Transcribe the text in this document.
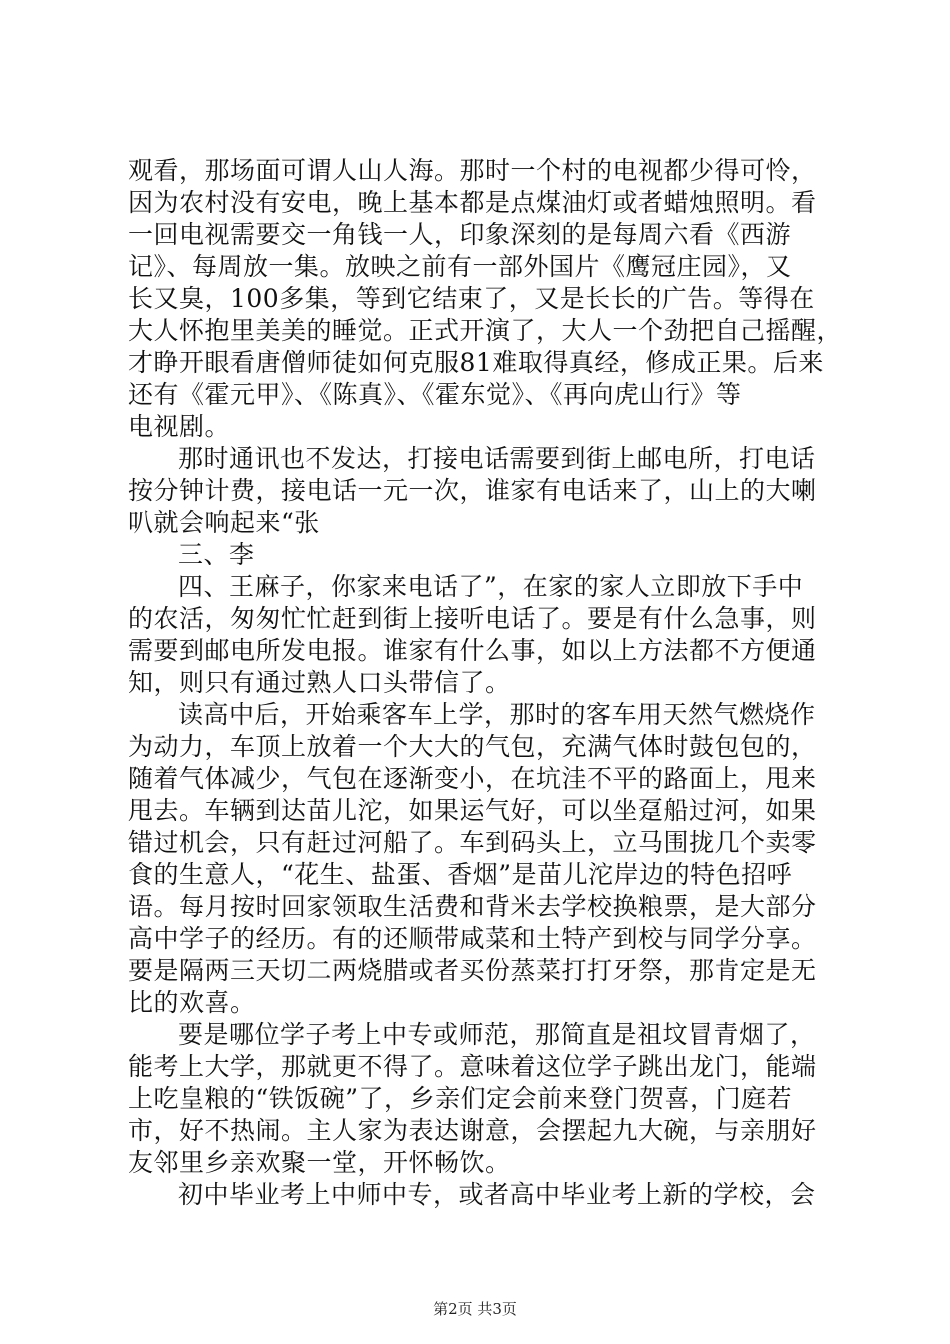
观看，那场面可谓人山人海。那时一个村的电视都少得可怜，
因为农村没有安电，晚上基本都是点煤油灯或者蜡烛照明。看
一回电视需要交一角钱一人，印象深刻的是每周六看《西游
记》、每周放一集。放映之前有一部外国片《鹰冠庄园》，又
长又臭，100多集，等到它结束了，又是长长的广告。等得在
大人怀抱里美美的睡觉。正式开演了，大人一个劲把自己摇醒，
才睁开眼看唐僧师徒如何克服81难取得真经，修成正果。后来
还有《霍元甲》、《陈真》、《霍东觉》、《再向虎山行》等
电视剧。
那时通讯也不发达，打接电话需要到街上邮电所，打电话
按分钟计费，接电话一元一次，谁家有电话来了，山上的大喇
叭就会响起来“张
三、李
四、王麻子，你家来电话了”，在家的家人立即放下手中
的农活，匆匆忙忙赶到街上接听电话了。要是有什么急事，则
需要到邮电所发电报。谁家有什么事，如以上方法都不方便通
知，则只有通过熟人口头带信了。
读高中后，开始乘客车上学，那时的客车用天然气燃烧作
为动力，车顶上放着一个大大的气包，充满气体时鼓包包的，
随着气体减少，气包在逐渐变小，在坑洼不平的路面上，甩来
甩去。车辆到达苗儿沱，如果运气好，可以坐趸船过河，如果
错过机会，只有赶过河船了。车到码头上，立马围拢几个卖零
食的生意人，“花生、盐蛋、香烟”是苗儿沱岸边的特色招呼
语。每月按时回家领取生活费和背米去学校换粮票，是大部分
高中学子的经历。有的还顺带咸菜和土特产到校与同学分享。
要是隔两三天切二两烧腊或者买份蒸菜打打牙祭，那肯定是无
比的欢喜。
要是哪位学子考上中专或师范，那简直是祖坟冒青烟了，
能考上大学，那就更不得了。意味着这位学子跳出龙门，能端
上吃皇粮的“铁饭碗”了，乡亲们定会前来登门贺喜，门庭若
市，好不热闹。主人家为表达谢意，会摆起九大碗，与亲朋好
友邻里乡亲欢聚一堂，开怀畅饮。
初中毕业考上中师中专，或者高中毕业考上新的学校，会
第2页 共3页
